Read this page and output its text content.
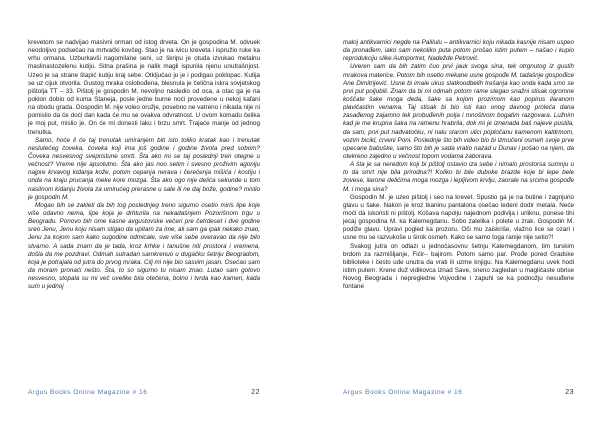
krevetom se nadvijao masivni orman od istog drveta. On je gospodina M. odvuek neodoljivo podsećao na mrtvački kovčeg. Stao je na ivicu kreveta i ispružio ruke ka vrhu ormana. Uzburkavši nagomilane seni, uz škripu je otuda izvukao metalnu maslinastozelenu kutiju. Sitna prašina je nalik magli ispunila njenu unutrašnjost. Uzeo je sa strane štapić kutiju kraj sebe. Otključao ju je i podigao poklopac. Kutija se uz cijuk otvorila. Gustog mraka oslobođena, blesnula je čelična iskra sovjetskog pištolja TT – 33. Pištolj je gospodin M. nevoljno nasledio od oca, a otac ga je na poklon dobio od kuma Staneja, posle jedne burne noći provedene u nekoj kafani na obodu grada. Gospodin M. nije voleo oružje, posebno ne vatreno i nikada nije ni pomislio da će doći dan kada će mu se ovakva odvratnost. U ovom komadu čelika je moj put, mislio je. On će mi donesti laku i brzu smrt. Trajaće manje od jednog trenutka.

Samo, hoće li će taj trenutak umiranjem biti isto toliko kratak kao i trenutak neslutećeg čoveka, čoveka koji ima još godine i godine života pred sobom? Čoveka nesvesnog svepristune smrti. Šta ako mi se taj poslednji tren otegne u večnost? Vreme nije apsolutno. Šta ako jas noo setim i svesno proživim agoniju najpre krvavog kidanja kože, potom cepanja nerava i čerečenja mišića i kostiju i onda na kraju prucanja meke kore mozga. Šta ako ogo nije delića sekunde u tom nasilnom kidanju života za umirućeg prerasne u sate ili ne daj bože, godine? mislio je gospodin M.

Mogao bih se zakleti da bih tog poslednjeg treno sigurno osetio miris lipe koje više odavno nema, lipe koja je drhturila na nekadašnjem Pozorišnom trgu u Beogradu. Ponovo bih ome kasne avgustovske večeri pre četrdeset i dve godine sreo Jenu, Jenu koju nisam stigao da upitam za ime, ali sam ga ipak nekako znao, Jenu za kojom sam kako sugodine odmicale, sve više sebe uveravao da nije bilo stvarno. A sada znam da je tada, kroz krhke i tanušne niti prostora i vremena, došla da me pozdravi. Odmah sutradan samkrenuo u dugačku šetnju Beogradom, koja je potrajala od jutra do prvog mraka. Cilj mi nije bio sasvim jasan. Osećao sam da moram pronaći nešto. Šta, to so sigurno tu nisam znao. Lutao sam gotovo nesvesno, stopala su mi več uvelike bila otečena, bolno i tvrda kao kamen, kada sum u jednoj

Argus Books Online Magazine # 16	22

maloj antikvarnici negde na Palilulu – antikvarnici koju nikada kasnije nisam uspeo da pronađem, iako sam nekoliko puta potom prošao istim putem – našao i kupio reprodukciju slike Autoportret, Nadežde Petrović.

Uveren sam da bih zatim čuo prvi jauk svoga sina, tek otrgnutog iz gustih mrakova materice. Potom bih osetio mekane usne gospođe M, tadašnje gospođice Ane Dimitrijević. Usne bi imale ukus slatkoodbelih trešanja kao onda kada smo se prvi put poljubili. Znam da bi mi odmah potom rame stegao snažni stisak ogromne koščate šake moga deda, šake sa kojom prozimom kao popirus ilaranom plavičastim venama. Taj stisak bi bio isti kao onog davnog proleća dana zasađenog zajamno tek probuđenih polja i mnoštvom bogatim razgovara. Lužnim kad je me krupna šaka na ramenu hrabrila, dok mi je iznenada baš najeve pustila, da sam, prvi put nadvatočku, ni nalu starom ulici popločanu kamenom kaldrmom, vozim bicikl, crveni Poni. Poslednje što bih video bio bi izmučeni osmeh svoje prve upecane babuške, samo što bih je sada vratio nazad u Dunav i pošao na njem, da otekreno zajedno u večnost topom vodama zaborava.

A šta je sa neredom koji bi pištolj ostavio iza sebe i nimalo prostorsa sumnju u to da smrt nije bila prirodna?! Koliko bi bile duboke brazde koje bi lepe bele zovese, ilarone delićima moga mozga i lepljivom krvlju, zaorale na srcima gospođe M. i moga sina?

Gospodin M. je uzeo pištolj i seo na krevet. Spustio ga je na butine i zagnjurio glavu u šake. Nakon je kroz tkaninu pantalona osećao ledeni dodir metala. Neće moći da iskoristi ni pištolj. Košava napolju najednom podivlja i urliknu, ponese tihi jecaj gospodina M. ka Kalemegdanu. Sobo zalelika i polete u zrak. Gospodin M. podiže glavu. Upravi pogled ka prozoru. Oči mu zaiskriše, vlažno lice se ozari i usne mu se razvukoše u širok osmeh. Kako se samo toga ranije nije setio?!

Svakog jutra on odlazi u jednočasovnu šetnju Kalemegdanom, tim turskim brdom za razmišljanje, Fićir– bajirom. Potom samo par. Prođe pored Gradske biblioteke i često ude unutra da vrati ili uzme knjigu. Na Kalemegdanu uvek hodi istim putem. Krene duž vidikovca iznad Save, sneno zagledan u magličaste obrise Novog Beograda i nepregledne Vojvodine i zapuhi se ka podnožju nesuđene fontane

Argus Books Online Magazine # 16	23
